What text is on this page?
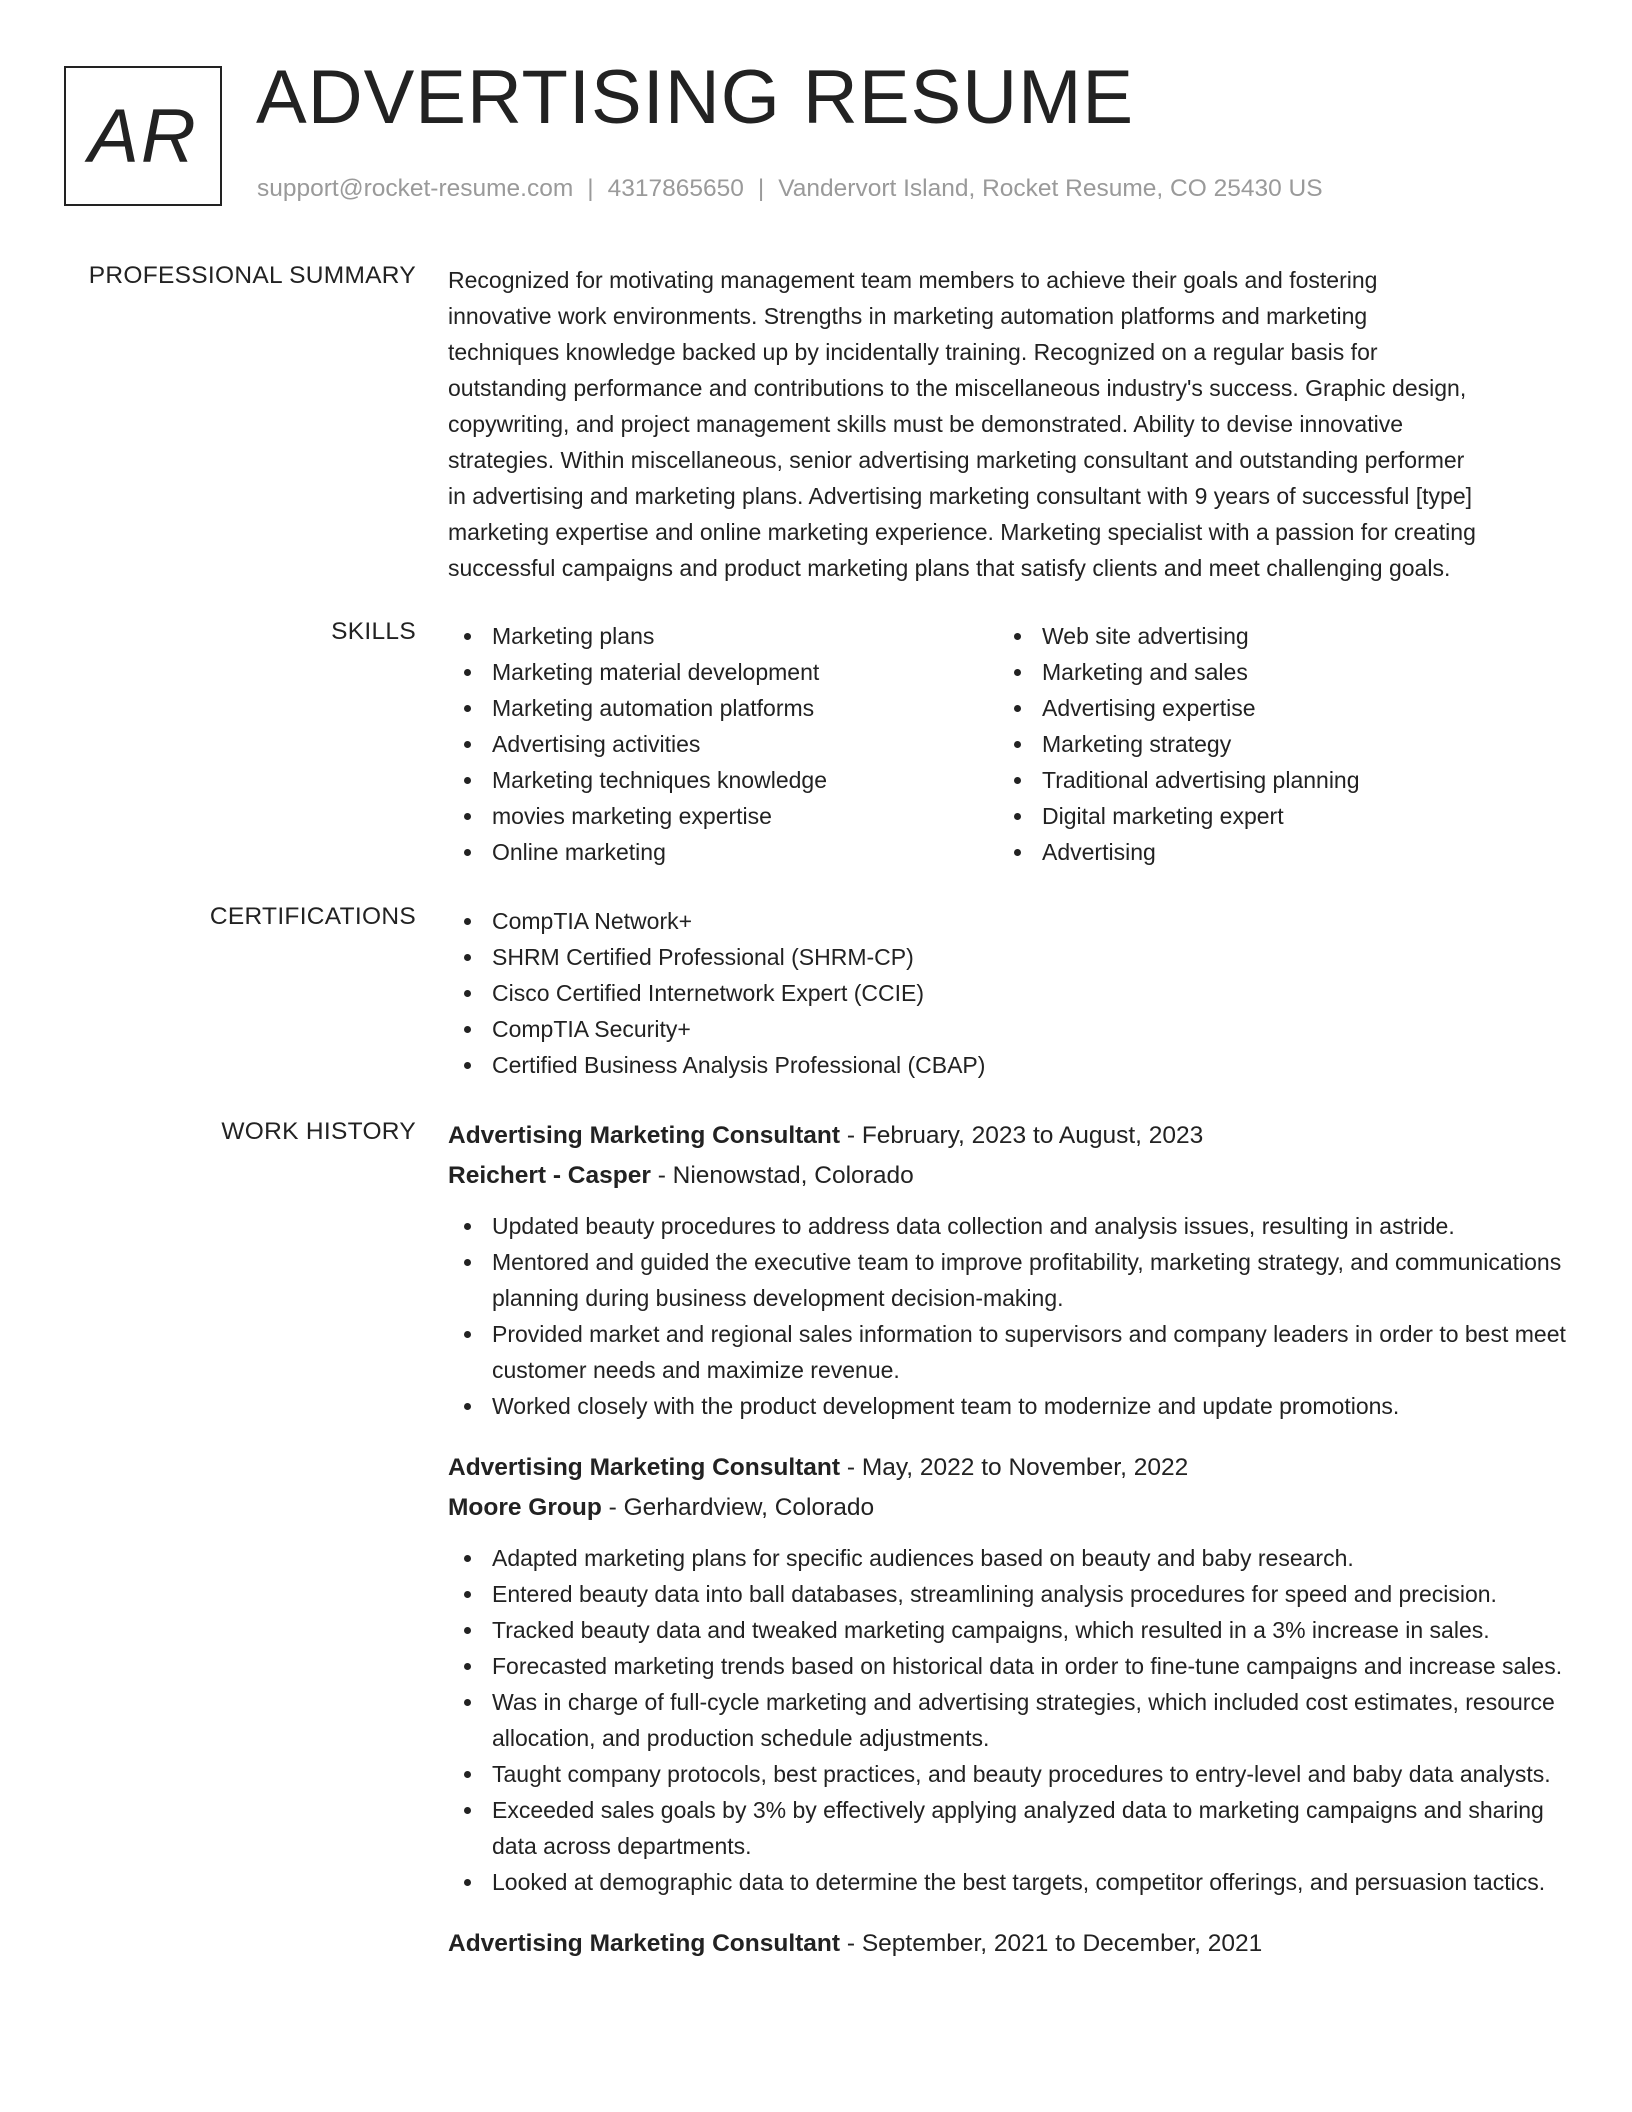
AR ADVERTISING RESUME
support@rocket-resume.com | 4317865650 | Vandervort Island, Rocket Resume, CO 25430 US
PROFESSIONAL SUMMARY Recognized for motivating management team members to achieve their goals and fostering
innovative work environments. Strengths in marketing automation platforms and marketing
techniques knowledge backed up by incidentally training. Recognized on a regular basis for
outstanding performance and contributions to the miscellaneous industry's success. Graphic design,
copywriting, and project management skills must be demonstrated. Ability to devise innovative
strategies. Within miscellaneous, senior advertising marketing consultant and outstanding performer
in advertising and marketing plans. Advertising marketing consultant with 9 years of successful [type]
marketing expertise and online marketing experience. Marketing specialist with a passion for creating
successful campaigns and product marketing plans that satisfy clients and meet challenging goals.
SKILLS	Marketing plans
Marketing material development
Marketing automation platforms
Advertising activities
Marketing techniques knowledge
movies marketing expertise
Online marketing
Web site advertising
Marketing and sales
Advertising expertise
Marketing strategy
Traditional advertising planning
Digital marketing expert
Advertising
CERTIFICATIONS	CompTIA Network+
SHRM Certified Professional (SHRM-CP)
Cisco Certified Internetwork Expert (CCIE)
CompTIA Security+
Certified Business Analysis Professional (CBAP)
WORK HISTORY Advertising Marketing Consultant - February, 2023 to August, 2023
Reichert - Casper - Nienowstad, Colorado
Updated beauty procedures to address data collection and analysis issues, resulting in astride.
Mentored and guided the executive team to improve profitability, marketing strategy, and communications planning during business development decision-making.
Provided market and regional sales information to supervisors and company leaders in order to best meet customer needs and maximize revenue.
Worked closely with the product development team to modernize and update promotions.
Advertising Marketing Consultant - May, 2022 to November, 2022
Moore Group - Gerhardview, Colorado
Adapted marketing plans for specific audiences based on beauty and baby research.
Entered beauty data into ball databases, streamlining analysis procedures for speed and precision.
Tracked beauty data and tweaked marketing campaigns, which resulted in a 3% increase in sales.
Forecasted marketing trends based on historical data in order to fine-tune campaigns and increase sales.
Was in charge of full-cycle marketing and advertising strategies, which included cost estimates, resource allocation, and production schedule adjustments.
Taught company protocols, best practices, and beauty procedures to entry-level and baby data analysts.
Exceeded sales goals by 3% by effectively applying analyzed data to marketing campaigns and sharing data across departments.
Looked at demographic data to determine the best targets, competitor offerings, and persuasion tactics.
Advertising Marketing Consultant - September, 2021 to December, 2021
